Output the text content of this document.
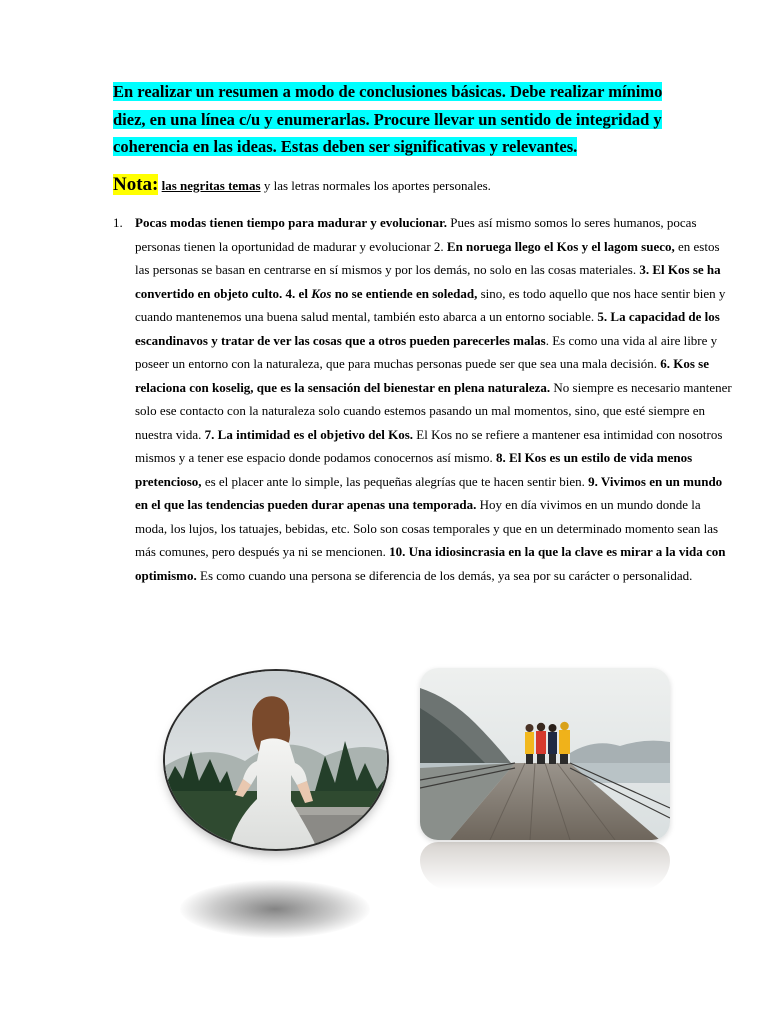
En realizar un resumen a modo de conclusiones básicas. Debe realizar mínimo
diez, en una línea c/u y enumerarlas. Procure llevar un sentido de integridad y
coherencia en las ideas. Estas deben ser significativas y relevantes.
Nota: las negritas temas y las letras normales los aportes personales.
1. Pocas modas tienen tiempo para madurar y evolucionar. Pues así mismo somos lo seres humanos, pocas personas tienen la oportunidad de madurar y evolucionar 2. En noruega llego el Kos y el lagom sueco, en estos las personas se basan en centrarse en sí mismos y por los demás, no solo en las cosas materiales. 3. El Kos se ha convertido en objeto culto. 4. el Kos no se entiende en soledad, sino, es todo aquello que nos hace sentir bien y cuando mantenemos una buena salud mental, también esto abarca a un entorno sociable. 5. La capacidad de los escandinavos y tratar de ver las cosas que a otros pueden parecerles malas. Es como una vida al aire libre y poseer un entorno con la naturaleza, que para muchas personas puede ser que sea una mala decisión. 6. Kos se relaciona con koselig, que es la sensación del bienestar en plena naturaleza. No siempre es necesario mantener solo ese contacto con la naturaleza solo cuando estemos pasando un mal momentos, sino, que esté siempre en nuestra vida. 7. La intimidad es el objetivo del Kos. El Kos no se refiere a mantener esa intimidad con nosotros mismos y a tener ese espacio donde podamos conocernos así mismo. 8. El Kos es un estilo de vida menos pretencioso, es el placer ante lo simple, las pequeñas alegrías que te hacen sentir bien. 9. Vivimos en un mundo en el que las tendencias pueden durar apenas una temporada. Hoy en día vivimos en un mundo donde la moda, los lujos, los tatuajes, bebidas, etc. Solo son cosas temporales y que en un determinado momento sean las más comunes, pero después ya ni se mencionen. 10. Una idiosincrasia en la que la clave es mirar a la vida con optimismo. Es como cuando una persona se diferencia de los demás, ya sea por su carácter o personalidad.
